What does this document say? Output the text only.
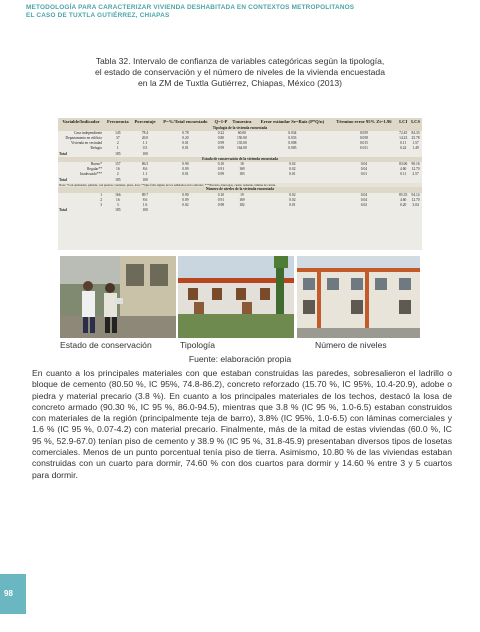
METODOLOGÍA PARA CARACTERIZAR VIVIENDA DESHABITADA EN CONTEXTOS METROPOLITANOS
EL CASO DE TUXTLA GUTIÉRREZ, CHIAPAS
Tabla 32. Intervalo de confianza de variables categóricas según la tipología,
el estado de conservación y el número de niveles de la vivienda encuestada
en la ZM de Tuxtla Gutiérrez, Chiapas, México (2013)
Variable/Indicador	Frecuencia	Porcentaje	P=%/Total encuestado	Q=1-P	Tmuestra	Error estándar Se=Raíz (P*Q/n)	Término error 95% Zt=1.96	LCI	LCS
Tipología de la vivienda encuestada									
Casa independiente	145	78.4	0.78	0.22	60.00	0.034	0.059	72.45	84.33
Departamento en edificio	37	20.0	0.20	0.80	150.00	0.033	0.058	14.23	25.78
Vivienda en vecindad	2	1.1	0.01	0.99	135.00	0.008	0.015	0.11	1.57
Refugio	1	0.5	0.01	0.99	164.00	0.005	0.011	0.22	1.49
Total	185	100							
Estado de conservación de la vivienda encuestada									
Bueno*	157	86.5	0.90	0.10	18	0.02	0.04	83.06	90.16
Regular**	16	8.6	0.09	0.91	169	0.02	0.04	4.60	12.70
Inadecuado***	2	1.1	0.01	0.99	183	0.01	0.01	0.11	2.57
Total	185	100							
Nota: *Con aplanados, pintada, con puertas, ventanas, pisos, losa; **Que falte alguno de los señalados en lo anterior; ***Precario, huecogas, cuarto redondo, lámina de cartón.									
Número de niveles de la vivienda encuestada									
1	166	89.7	0.90	0.10	19	0.02	0.04	85.35	94.14
2	16	8.6	0.09	0.91	169	0.02	0.04	4.60	12.70
3	3	1.6	0.02	0.98	182	0.01	0.02	0.20	3.04
Total	185	100							
Estado de conservación	Tipología	Número de niveles
Fuente: elaboración propia
En cuanto a los principales materiales con que estaban construidas las paredes, sobresalieron el ladrillo o bloque de cemento (80.50 %, IC 95%, 74.8-86.2), concreto reforzado (15.70 %, IC 95%, 10.4-20.9), adobe o piedra y material precario (3.8 %). En cuanto a los principales materiales de los techos, destacó la losa de concreto armado (90.30 %, IC 95 %, 86.0-94.5), mientras que 3.8 % (IC 95 %, 1.0-6.5) estaban construidos con materiales de la región (principalmente teja de barro), 3.8% (IC 95%, 1.0-6.5) con láminas comerciales y 1.6 % (IC 95 %, 0.07-4.2) con material precario. Finalmente, más de la mitad de estas viviendas (60.0 %, IC 95 %, 52.9-67.0) tenían piso de cemento y 38.9 % (IC 95 %, 31.8-45.9) presentaban diversos tipos de losetas comerciales. Menos de un punto porcentual tenía piso de tierra. Asimismo, 10.80 % de las viviendas estaban construidas con un cuarto para dormir, 74.60 % con dos cuartos para dormir y 14.60 % entre 3 y 5 cuartos para dormir.
98
